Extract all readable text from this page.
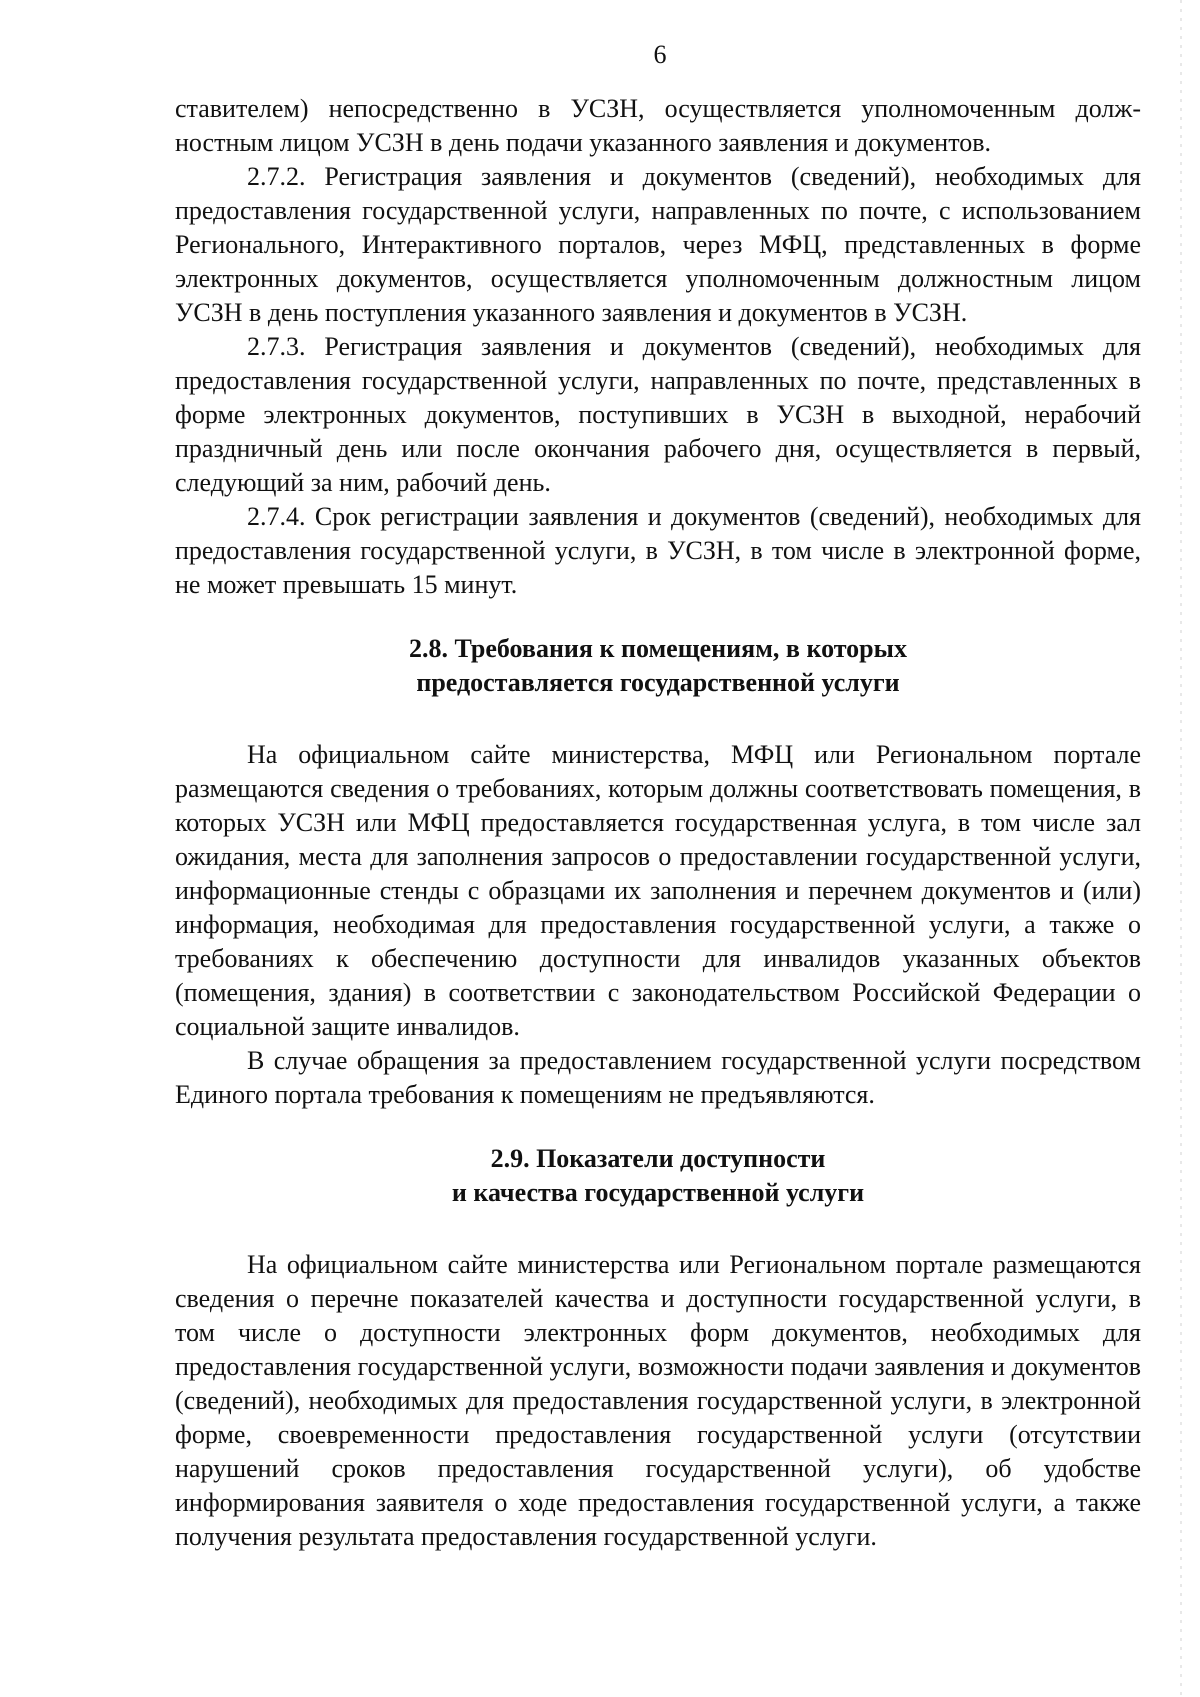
6

ставителем) непосредственно в УСЗН, осуществляется уполномоченным должностным лицом УСЗН в день подачи указанного заявления и документов.

2.7.2. Регистрация заявления и документов (сведений), необходимых для предоставления государственной услуги, направленных по почте, с использованием Регионального, Интерактивного порталов, через МФЦ, представленных в форме электронных документов, осуществляется уполномоченным должностным лицом УСЗН в день поступления указанного заявления и документов в УСЗН.

2.7.3. Регистрация заявления и документов (сведений), необходимых для предоставления государственной услуги, направленных по почте, представленных в форме электронных документов, поступивших в УСЗН в выходной, нерабочий праздничный день или после окончания рабочего дня, осуществляется в первый, следующий за ним, рабочий день.

2.7.4. Срок регистрации заявления и документов (сведений), необходимых для предоставления государственной услуги, в УСЗН, в том числе в электронной форме, не может превышать 15 минут.

2.8. Требования к помещениям, в которых
предоставляется государственной услуги

На официальном сайте министерства, МФЦ или Региональном портале размещаются сведения о требованиях, которым должны соответствовать помещения, в которых УСЗН или МФЦ предоставляется государственная услуга, в том числе зал ожидания, места для заполнения запросов о предоставлении государственной услуги, информационные стенды с образцами их заполнения и перечнем документов и (или) информация, необходимая для предоставления государственной услуги, а также о требованиях к обеспечению доступности для инвалидов указанных объектов (помещения, здания) в соответствии с законодательством Российской Федерации о социальной защите инвалидов.

В случае обращения за предоставлением государственной услуги посредством Единого портала требования к помещениям не предъявляются.

2.9. Показатели доступности
и качества государственной услуги

На официальном сайте министерства или Региональном портале размещаются сведения о перечне показателей качества и доступности государственной услуги, в том числе о доступности электронных форм документов, необходимых для предоставления государственной услуги, возможности подачи заявления и документов (сведений), необходимых для предоставления государственной услуги, в электронной форме, своевременности предоставления государственной услуги (отсутствии нарушений сроков предоставления государственной услуги), об удобстве информирования заявителя о ходе предоставления государственной услуги, а также получения результата предоставления государственной услуги.
